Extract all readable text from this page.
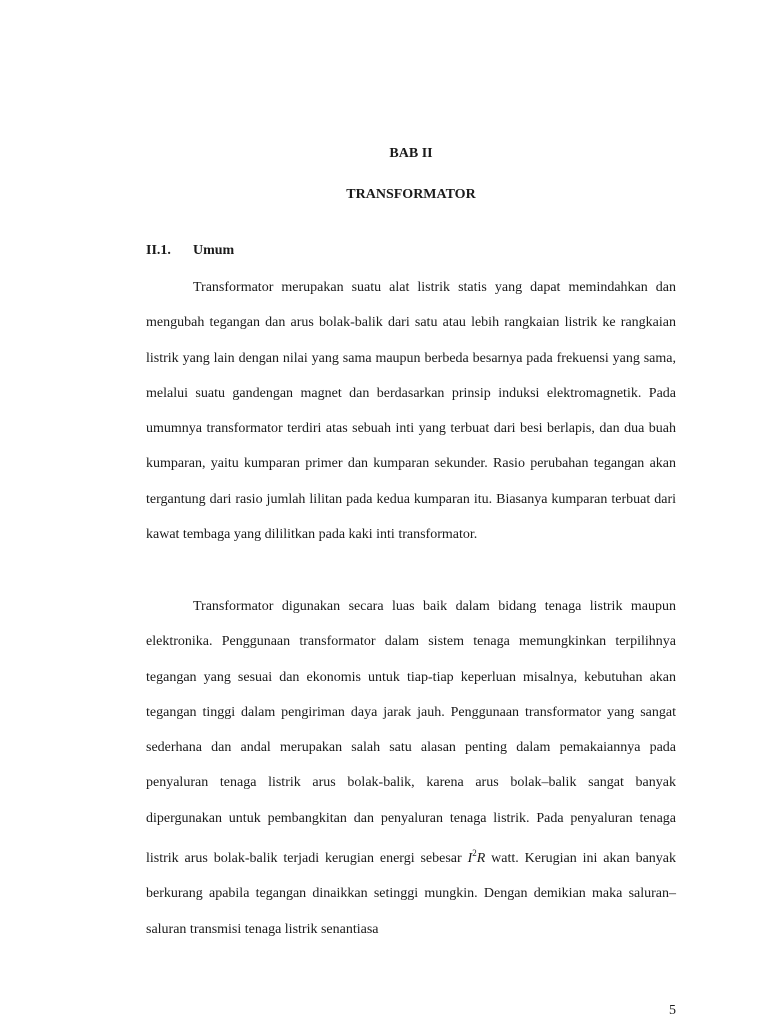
BAB II
TRANSFORMATOR
II.1. Umum

Transformator merupakan suatu alat listrik statis yang dapat memindahkan dan mengubah tegangan dan arus bolak-balik dari satu atau lebih rangkaian listrik ke rangkaian listrik yang lain dengan nilai yang sama maupun berbeda besarnya pada frekuensi yang sama, melalui suatu gandengan magnet dan berdasarkan prinsip induksi elektromagnetik. Pada umumnya transformator terdiri atas sebuah inti yang terbuat dari besi berlapis, dan dua buah kumparan, yaitu kumparan primer dan kumparan sekunder. Rasio perubahan tegangan akan tergantung dari rasio jumlah lilitan pada kedua kumparan itu. Biasanya kumparan terbuat dari kawat tembaga yang dililitkan pada kaki inti transformator.

Transformator digunakan secara luas baik dalam bidang tenaga listrik maupun elektronika. Penggunaan transformator dalam sistem tenaga memungkinkan terpilihnya tegangan yang sesuai dan ekonomis untuk tiap-tiap keperluan misalnya, kebutuhan akan tegangan tinggi dalam pengiriman daya jarak jauh. Penggunaan transformator yang sangat sederhana dan andal merupakan salah satu alasan penting dalam pemakaiannya pada penyaluran tenaga listrik arus bolak-balik, karena arus bolak–balik sangat banyak dipergunakan untuk pembangkitan dan penyaluran tenaga listrik. Pada penyaluran tenaga listrik arus bolak-balik terjadi kerugian energi sebesar $I^2R$ watt. Kerugian ini akan banyak berkurang apabila tegangan dinaikkan setinggi mungkin. Dengan demikian maka saluran–saluran transmisi tenaga listrik senantiasa

5
